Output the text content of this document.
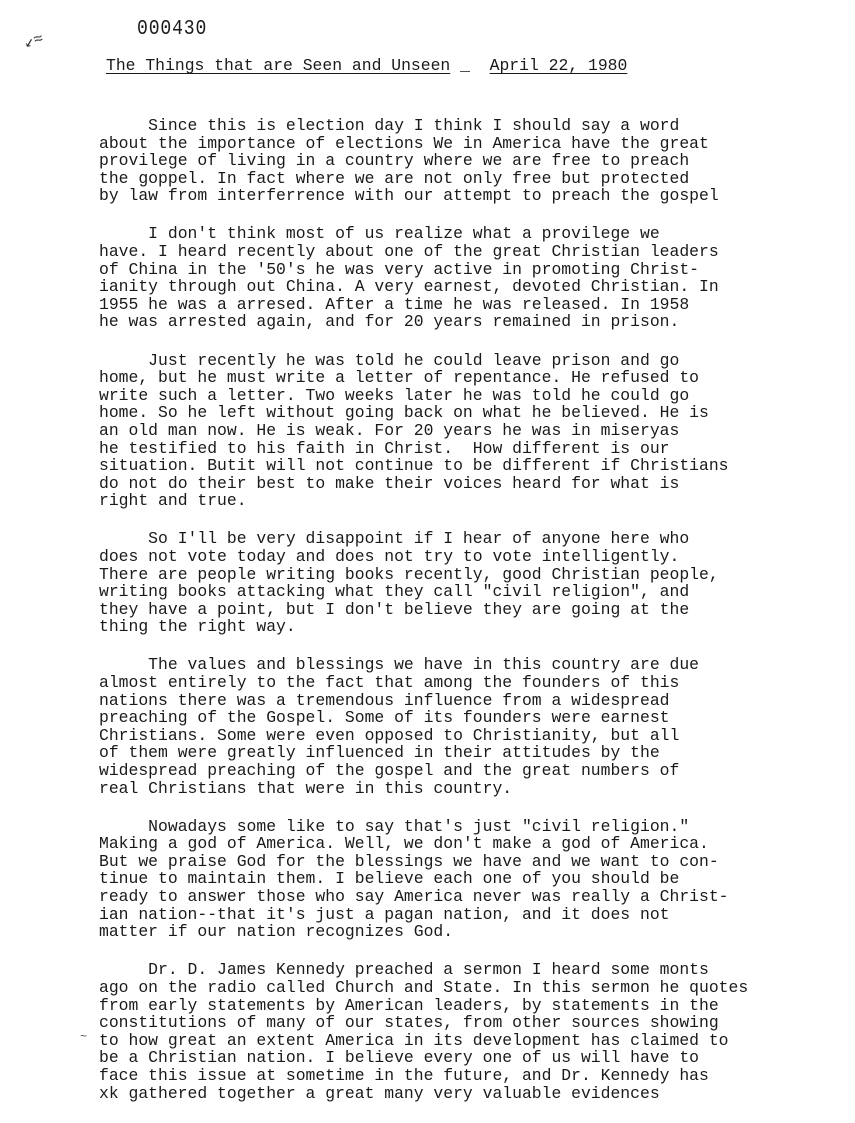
↙≈	000430
The Things that are Seen and Unseen _  April 22, 1980
Since this is election day I think I should say a word
about the importance of elections We in America have the great
provilege of living in a country where we are free to preach
the goppel. In fact where we are not only free but protected
by law from interferrence with our attempt to preach the gospel
I don't think most of us realize what a provilege we
have. I heard recently about one of the great Christian leaders
of China in the '50's he was very active in promoting Christ-
ianity through out China. A very earnest, devoted Christian. In
1955 he was a arresed. After a time he was released. In 1958
he was arrested again, and for 20 years remained in prison.
Just recently he was told he could leave prison and go
home, but he must write a letter of repentance. He refused to
write such a letter. Two weeks later he was told he could go
home. So he left without going back on what he believed. He is
an old man now. He is weak. For 20 years he was in miseryas
he testified to his faith in Christ.  How different is our
situation. Butit will not continue to be different if Christians
do not do their best to make their voices heard for what is
right and true.
So I'll be very disappoint if I hear of anyone here who
does not vote today and does not try to vote intelligently.
There are people writing books recently, good Christian people,
writing books attacking what they call "civil religion", and
they have a point, but I don't believe they are going at the
thing the right way.
The values and blessings we have in this country are due
almost entirely to the fact that among the founders of this
nations there was a tremendous influence from a widespread
preaching of the Gospel. Some of its founders were earnest
Christians. Some were even opposed to Christianity, but all
of them were greatly influenced in their attitudes by the
widespread preaching of the gospel and the great numbers of
real Christians that were in this country.
Nowadays some like to say that's just "civil religion."
Making a god of America. Well, we don't make a god of America.
But we praise God for the blessings we have and we want to con-
tinue to maintain them. I believe each one of you should be
ready to answer those who say America never was really a Christ-
ian nation--that it's just a pagan nation, and it does not
matter if our nation recognizes God.
Dr. D. James Kennedy preached a sermon I heard some monts
ago on the radio called Church and State. In this sermon he quotes
from early statements by American leaders, by statements in the
constitutions of many of our states, from other sources showing
to how great an extent America in its development has claimed to
be a Christian nation. I believe every one of us will have to
face this issue at sometime in the future, and Dr. Kennedy has
xk gathered together a great many very valuable evidences
~
